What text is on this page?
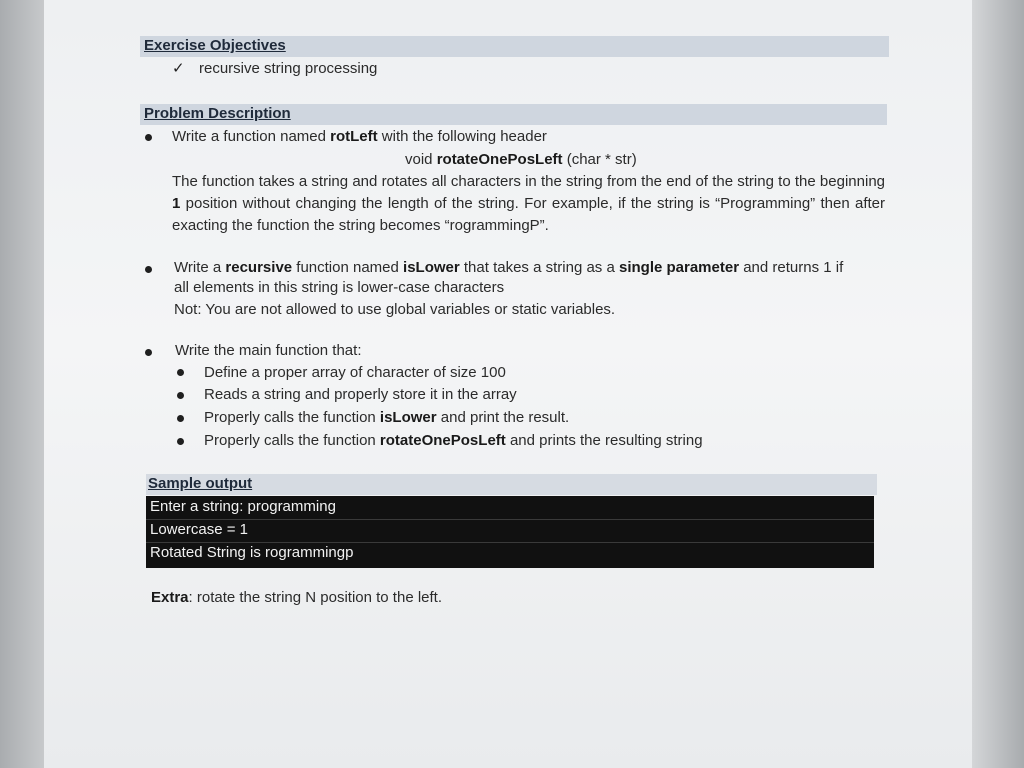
Exercise Objectives
✓ recursive string processing
Problem Description
Write a function named rotLeft with the following header
void rotateOnePosLeft (char * str)
The function takes a string and rotates all characters in the string from the end of the string to the beginning 1 position without changing the length of the string. For example, if the string is “Programming” then after exacting the function the string becomes “rogrammingP”.
Write a recursive function named isLower that takes a string as a single parameter and returns 1 if
all elements in this string is lower-case characters
Not: You are not allowed to use global variables or static variables.
Write the main function that:
Define a proper array of character of size 100
Reads a string and properly store it in the array
Properly calls the function isLower and print the result.
Properly calls the function rotateOnePosLeft and prints the resulting string
Sample output
Extra: rotate the string N position to the left.
Enter a string: programming
Lowercase = 1
Rotated String is rogrammingp
